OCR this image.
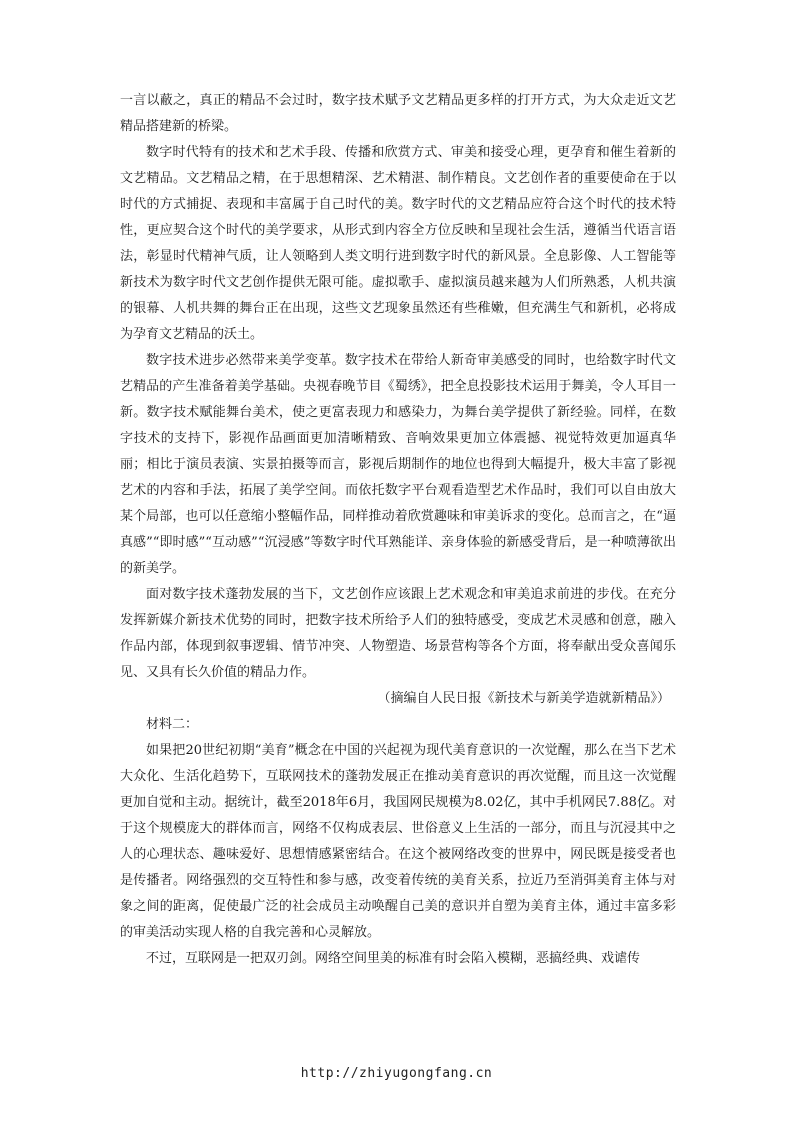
一言以蔽之，真正的精品不会过时，数字技术赋予文艺精品更多样的打开方式，为大众走近文艺精品搭建新的桥梁。

数字时代特有的技术和艺术手段、传播和欣赏方式、审美和接受心理，更孕育和催生着新的文艺精品。文艺精品之精，在于思想精深、艺术精湛、制作精良。文艺创作者的重要使命在于以时代的方式捕捉、表现和丰富属于自己时代的美。数字时代的文艺精品应符合这个时代的技术特性，更应契合这个时代的美学要求，从形式到内容全方位反映和呈现社会生活，遵循当代语言语法，彰显时代精神气质，让人领略到人类文明行进到数字时代的新风景。全息影像、人工智能等新技术为数字时代文艺创作提供无限可能。虚拟歌手、虚拟演员越来越为人们所熟悉，人机共演的银幕、人机共舞的舞台正在出现，这些文艺现象虽然还有些稚嫩，但充满生气和新机，必将成为孕育文艺精品的沃土。

数字技术进步必然带来美学变革。数字技术在带给人新奇审美感受的同时，也给数字时代文艺精品的产生准备着美学基础。央视春晚节目《蜀绣》，把全息投影技术运用于舞美，令人耳目一新。数字技术赋能舞台美术，使之更富表现力和感染力，为舞台美学提供了新经验。同样，在数字技术的支持下，影视作品画面更加清晰精致、音响效果更加立体震撼、视觉特效更加逼真华丽；相比于演员表演、实景拍摄等而言，影视后期制作的地位也得到大幅提升，极大丰富了影视艺术的内容和手法，拓展了美学空间。而依托数字平台观看造型艺术作品时，我们可以自由放大某个局部，也可以任意缩小整幅作品，同样推动着欣赏趣味和审美诉求的变化。总而言之，在“逼真感”“即时感”“互动感”“沉浸感”等数字时代耳熟能详、亲身体验的新感受背后，是一种喷薄欲出的新美学。

面对数字技术蓬勃发展的当下，文艺创作应该跟上艺术观念和审美追求前进的步伐。在充分发挥新媒介新技术优势的同时，把数字技术所给予人们的独特感受，变成艺术灵感和创意，融入作品内部，体现到叙事逻辑、情节冲突、人物塑造、场景营构等各个方面，将奉献出受众喜闻乐见、又具有长久价值的精品力作。

（摘编自人民日报《新技术与新美学造就新精品》）

材料二：

如果把20世纪初期“美育”概念在中国的兴起视为现代美育意识的一次觉醒，那么在当下艺术大众化、生活化趋势下，互联网技术的蓬勃发展正在推动美育意识的再次觉醒，而且这一次觉醒更加自觉和主动。据统计，截至2018年6月，我国网民规模为8.02亿，其中手机网民7.88亿。对于这个规模庞大的群体而言，网络不仅构成表层、世俗意义上生活的一部分，而且与沉浸其中之人的心理状态、趣味爱好、思想情感紧密结合。在这个被网络改变的世界中，网民既是接受者也是传播者。网络强烈的交互特性和参与感，改变着传统的美育关系，拉近乃至消弭美育主体与对象之间的距离，促使最广泛的社会成员主动唤醒自己美的意识并自塑为美育主体，通过丰富多彩的审美活动实现人格的自我完善和心灵解放。

不过，互联网是一把双刃剑。网络空间里美的标准有时会陷入模糊，恶搞经典、戏谑传

http://zhiyugongfang.cn
